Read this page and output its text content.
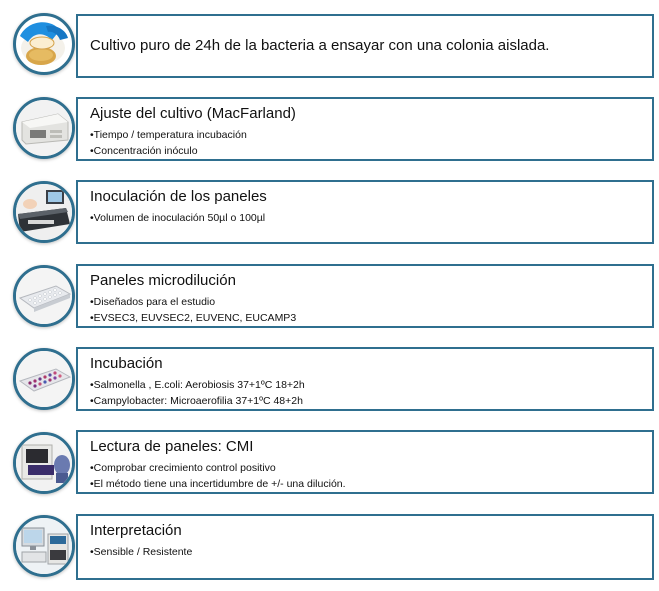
Cultivo puro de 24h de la bacteria a ensayar con una colonia aislada.
Ajuste del cultivo (MacFarland)
•Tiempo / temperatura incubación
•Concentración inóculo
Inoculación de los paneles
•Volumen de inoculación 50µl o 100µl
Paneles microdilución
•Diseñados para el estudio
•EVSEC3, EUVSEC2, EUVENC, EUCAMP3
Incubación
•Salmonella , E.coli: Aerobiosis 37+1ºC 18+2h
•Campylobacter: Microaerofilia 37+1ºC 48+2h
Lectura de paneles: CMI
•Comprobar crecimiento control positivo
•El método tiene una incertidumbre de +/- una dilución.
Interpretación
•Sensible / Resistente
